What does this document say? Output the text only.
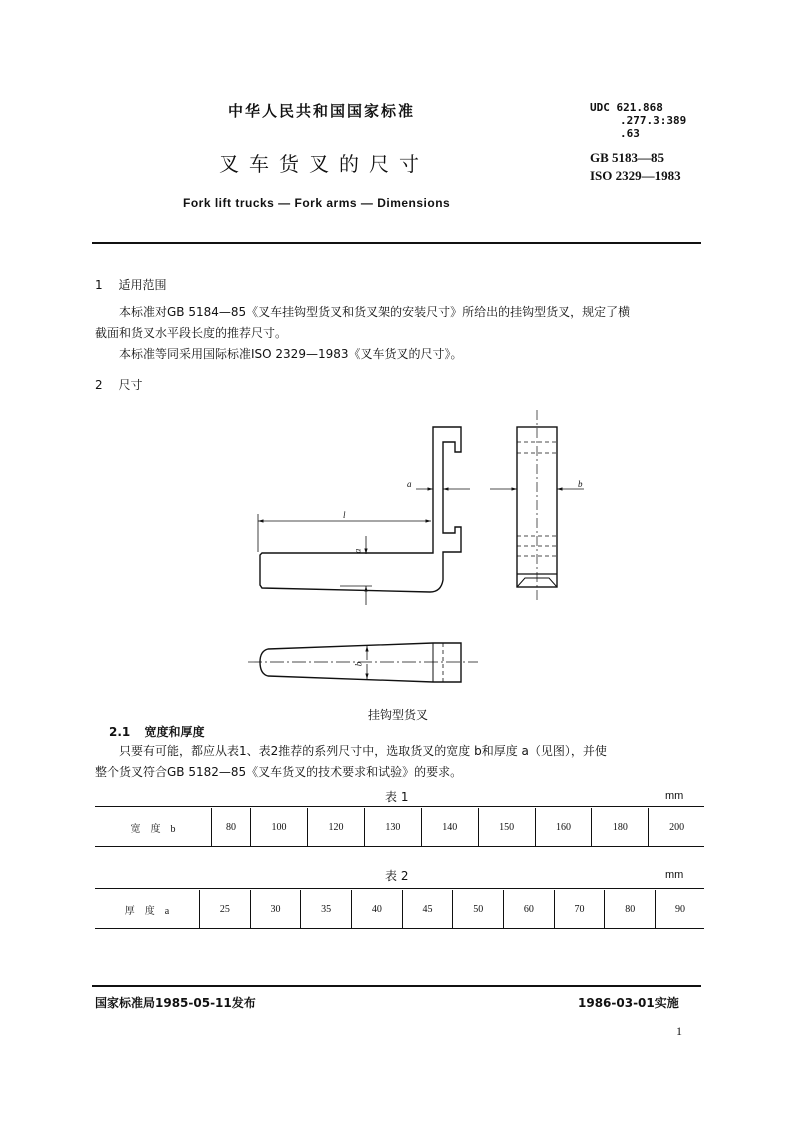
中华人民共和国国家标准	UDC 621.868
.277.3:389
.63
GB 5183—85
ISO 2329—1983
叉车货叉的尺寸
Fork lift trucks — Fork arms — Dimensions
1 适用范围
本标准对GB 5184—85《叉车挂钩型货叉和货叉架的安装尺寸》所给出的挂钩型货叉，规定了横
截面和货叉水平段长度的推荐尺寸。
本标准等同采用国际标准ISO 2329—1983《叉车货叉的尺寸》。
2 尺寸
a	b
l
a
b
挂钩型货叉
2.1 宽度和厚度
只要有可能，都应从表1、表2推荐的系列尺寸中，选取货叉的宽度 b和厚度 a（见图），并使
整个货叉符合GB 5182—85《叉车货叉的技术要求和试验》的要求。
表 1	mm
宽　度　b	80	100	120	130	140	150	160	180	200
表 2	mm
厚　度　a	25	30	35	40	45	50	60	70	80	90
国家标准局1985-05-11发布	1986-03-01实施
1
